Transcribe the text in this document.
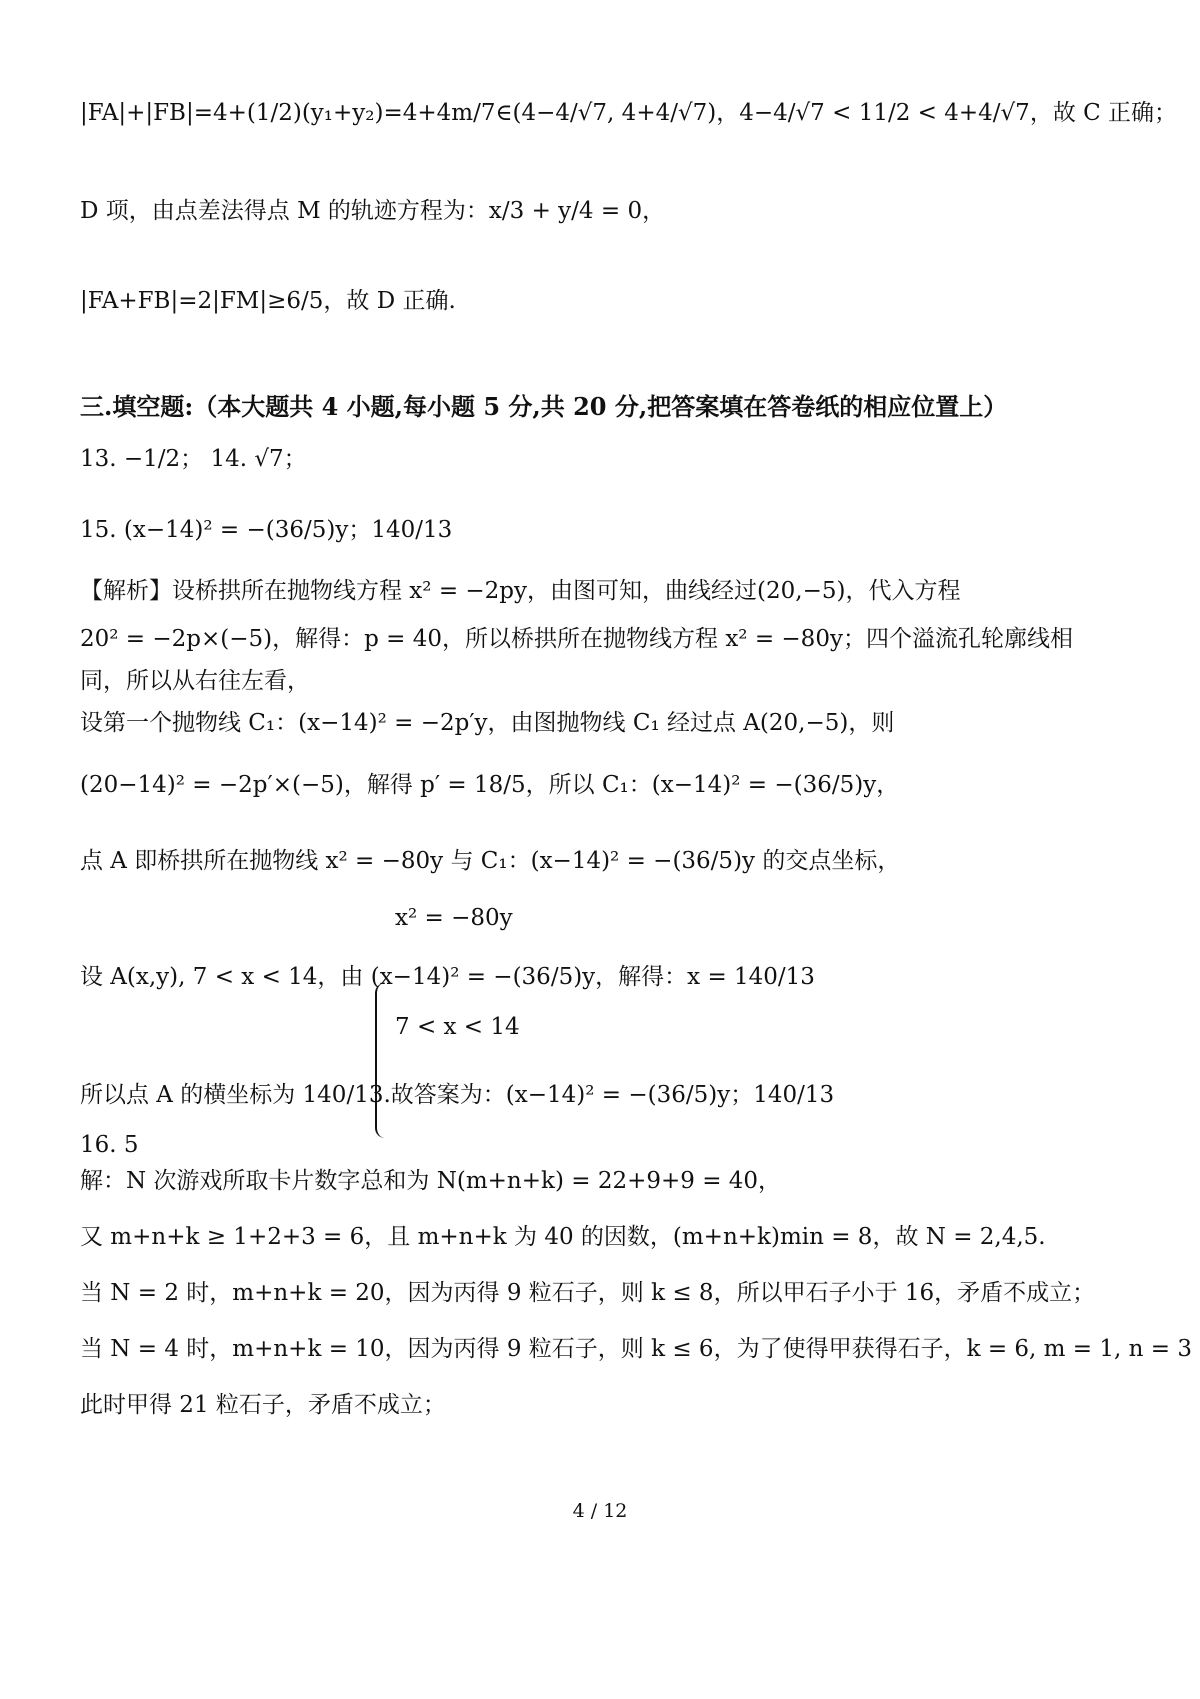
|FA|+|FB|=4+(1/2)(y₁+y₂)=4+4m/7∈(4−4/√7, 4+4/√7)，4−4/√7 < 11/2 < 4+4/√7，故 C 正确；
D 项，由点差法得点 M 的轨迹方程为：x/3 + y/4 = 0，
|FA+FB|=2|FM|≥6/5，故 D 正确.
三.填空题:（本大题共 4 小题,每小题 5 分,共 20 分,把答案填在答卷纸的相应位置上）
13. −1/2； 14. √7；
15. (x−14)² = −(36/5)y；140/13
【解析】设桥拱所在抛物线方程 x² = −2py，由图可知，曲线经过(20,−5)，代入方程
20² = −2p×(−5)，解得：p = 40，所以桥拱所在抛物线方程 x² = −80y；四个溢流孔轮廓线相
同，所以从右往左看，
设第一个抛物线 C₁：(x−14)² = −2p′y，由图抛物线 C₁ 经过点 A(20,−5)，则
(20−14)² = −2p′×(−5)，解得 p′ = 18/5，所以 C₁：(x−14)² = −(36/5)y，
点 A 即桥拱所在抛物线 x² = −80y 与 C₁：(x−14)² = −(36/5)y 的交点坐标，
x² = −80y
设 A(x,y), 7 < x < 14，由 (x−14)² = −(36/5)y，解得：x = 140/13
7 < x < 14
所以点 A 的横坐标为 140/13.故答案为：(x−14)² = −(36/5)y；140/13
16. 5
解：N 次游戏所取卡片数字总和为 N(m+n+k) = 22+9+9 = 40，
又 m+n+k ≥ 1+2+3 = 6，且 m+n+k 为 40 的因数，(m+n+k)min = 8，故 N = 2,4,5.
当 N = 2 时，m+n+k = 20，因为丙得 9 粒石子，则 k ≤ 8，所以甲石子小于 16，矛盾不成立；
当 N = 4 时，m+n+k = 10，因为丙得 9 粒石子，则 k ≤ 6，为了使得甲获得石子，k = 6, m = 1, n = 3
此时甲得 21 粒石子，矛盾不成立；
4 / 12
